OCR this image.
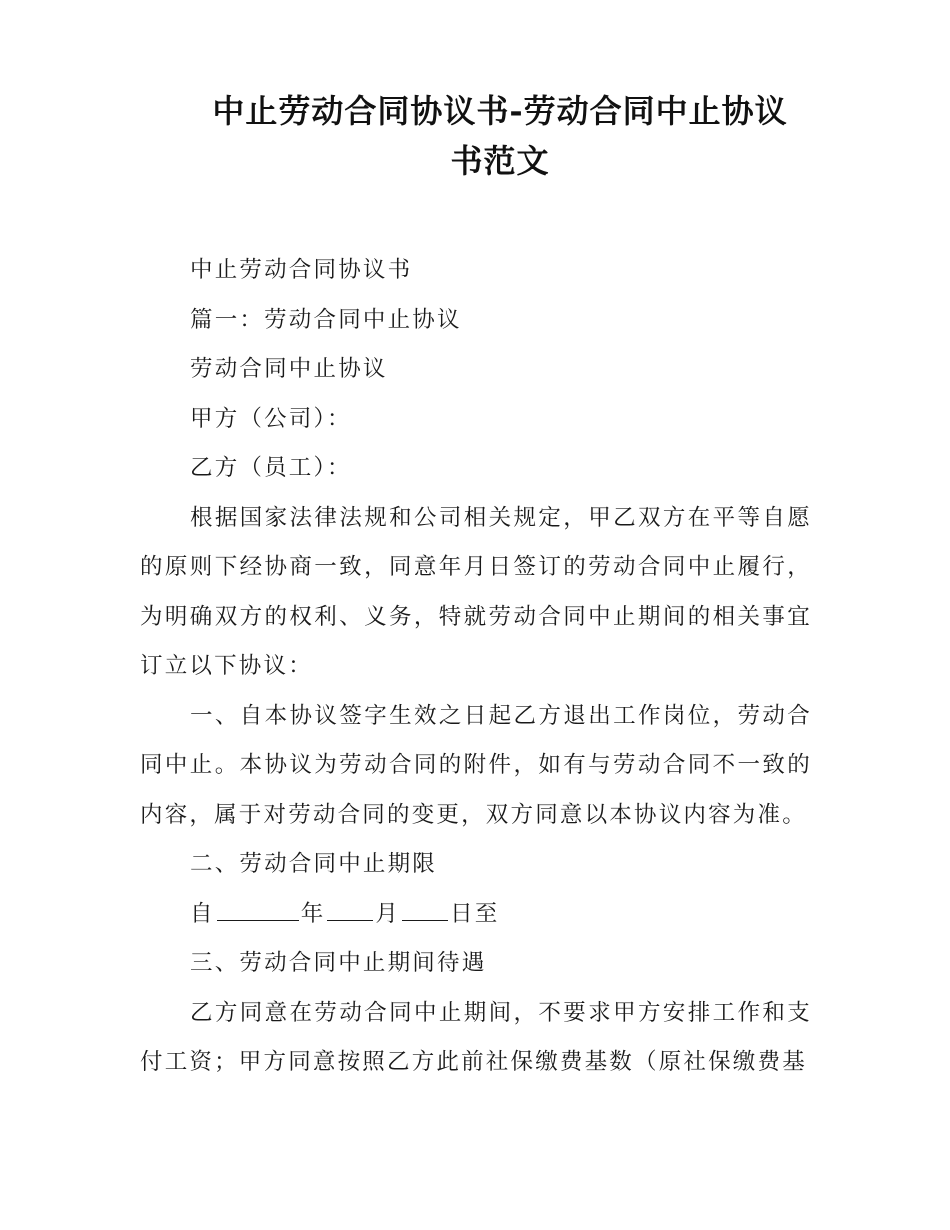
中止劳动合同协议书-劳动合同中止协议
书范文

中止劳动合同协议书

篇一：劳动合同中止协议

劳动合同中止协议

甲方（公司）：

乙方（员工）：

根据国家法律法规和公司相关规定，甲乙双方在平等自愿的原则下经协商一致，同意年月日签订的劳动合同中止履行，为明确双方的权利、义务，特就劳动合同中止期间的相关事宜订立以下协议：

一、自本协议签字生效之日起乙方退出工作岗位，劳动合同中止。本协议为劳动合同的附件，如有与劳动合同不一致的内容，属于对劳动合同的变更，双方同意以本协议内容为准。

二、劳动合同中止期限

自	年 月 日至

三、劳动合同中止期间待遇

乙方同意在劳动合同中止期间，不要求甲方安排工作和支付工资；甲方同意按照乙方此前社保缴费基数（原社保缴费基
